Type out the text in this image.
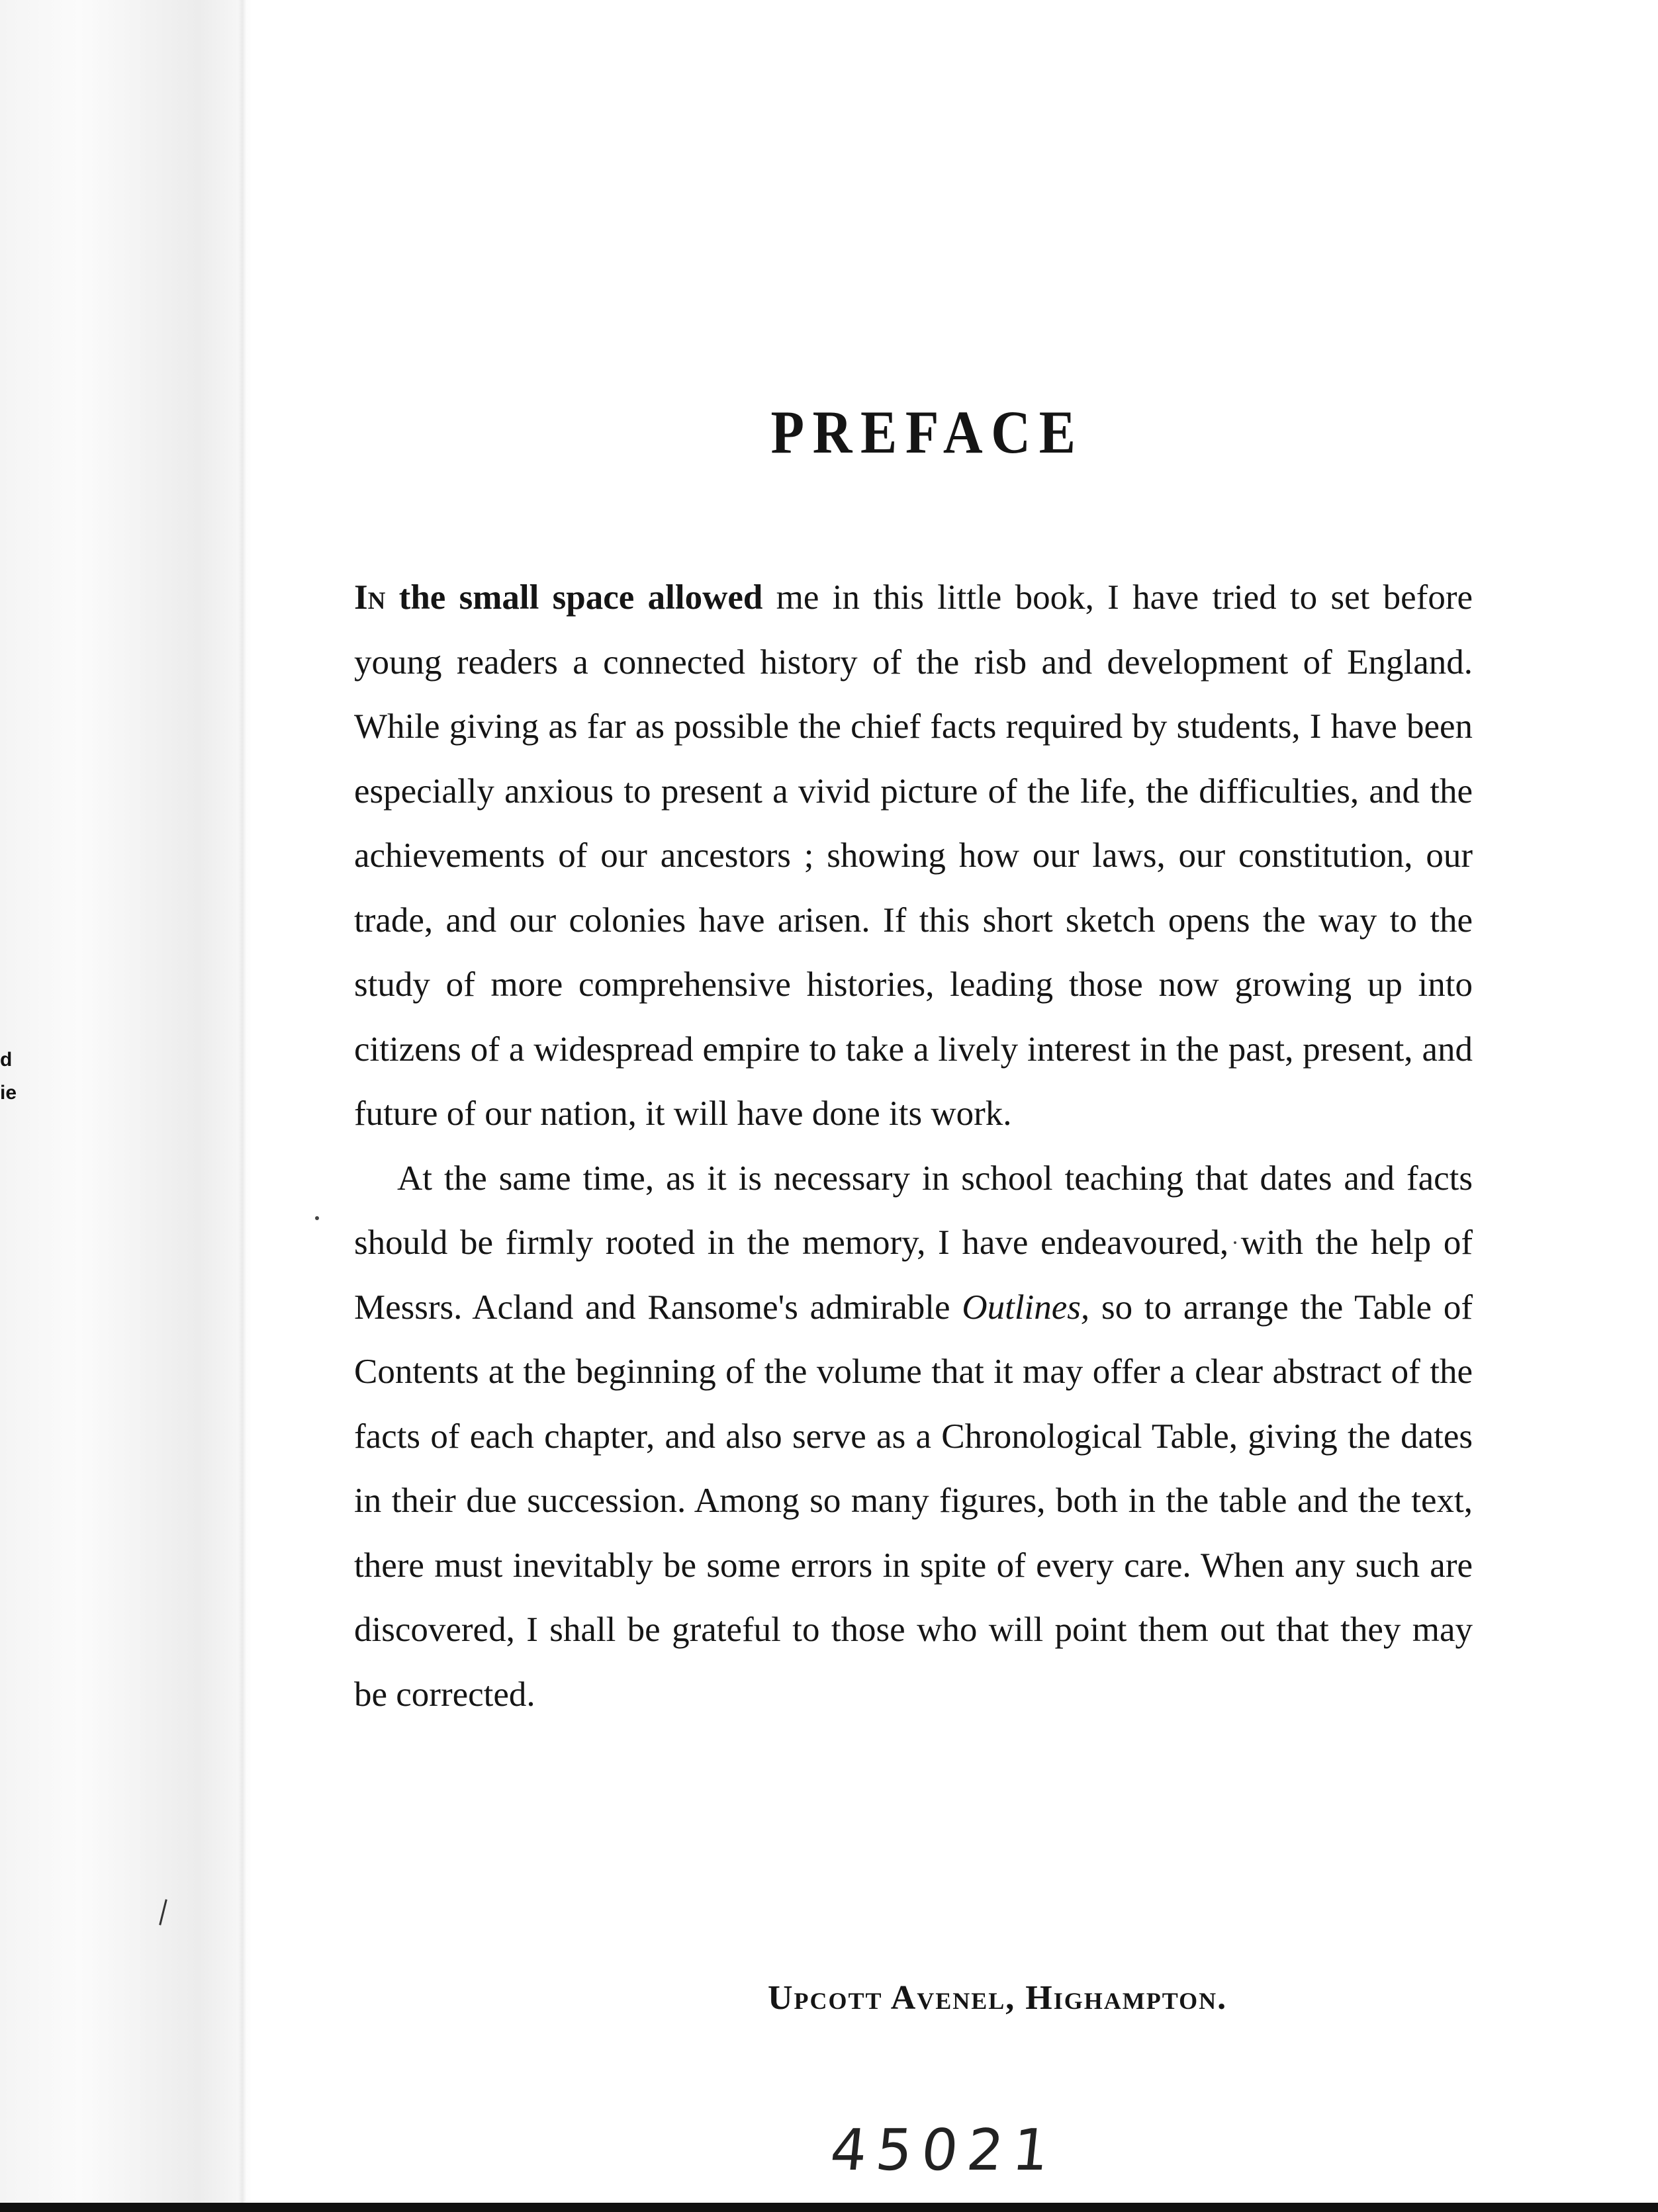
d
ie
PREFACE

In the small space allowed me in this little book, I have tried to set before young readers a connected history of the risb and development of England. While giving as far as possible the chief facts required by students, I have been especially anxious to present a vivid picture of the life, the difficulties, and the achievements of our ancestors ; showing how our laws, our constitution, our trade, and our colonies have arisen. If this short sketch opens the way to the study of more comprehensive histories, leading those now growing up into citizens of a widespread empire to take a lively interest in the past, present, and future of our nation, it will have done its work.

At the same time, as it is necessary in school teaching that dates and facts should be firmly rooted in the memory, I have endeavoured, with the help of Messrs. Acland and Ransome's admirable Outlines, so to arrange the Table of Contents at the beginning of the volume that it may offer a clear abstract of the facts of each chapter, and also serve as a Chronological Table, giving the dates in their due succession. Among so many figures, both in the table and the text, there must inevitably be some errors in spite of every care. When any such are discovered, I shall be grateful to those who will point them out that they may be corrected.

Upcott Avenel, Highampton.
45021
